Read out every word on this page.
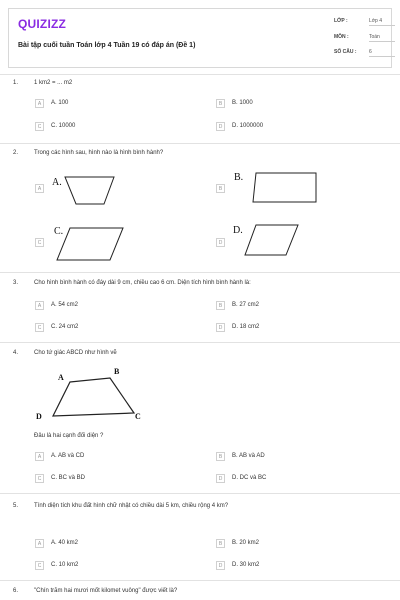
QUIZIZZ
Bài tập cuối tuần Toán lớp 4 Tuần 19 có đáp án (Đề 1)
LỚP :	Lớp 4
MÔN :	Toán
SỐ CÂU :	6
1.	1 km2 = ... m2
A	A. 100	B	B. 1000
C	C. 10000	D	D. 1000000
2.	Trong các hình sau, hình nào là hình bình hành?
A
A.
B
B.
C
C.
D
D.
3.	Cho hình bình hành có đáy dài 9 cm, chiều cao 6 cm. Diện tích hình bình hành là:
A	A. 54 cm2	B	B. 27 cm2
C	C. 24 cm2	D	D. 18 cm2
4.	Cho tứ giác ABCD như hình vẽ
A
B
C
D
Đâu là hai cạnh đối diện ?
A	A. AB và CD	B	B. AB và AD
C	C. BC và BD	D	D. DC và BC
5.	Tính diện tích khu đất hình chữ nhật có chiều dài 5 km, chiều rộng 4 km?
A	A. 40 km2	B	B. 20 km2
C	C. 10 km2	D	D. 30 km2
6.	"Chín trăm hai mươi mốt kilomet vuông" được viết là?
